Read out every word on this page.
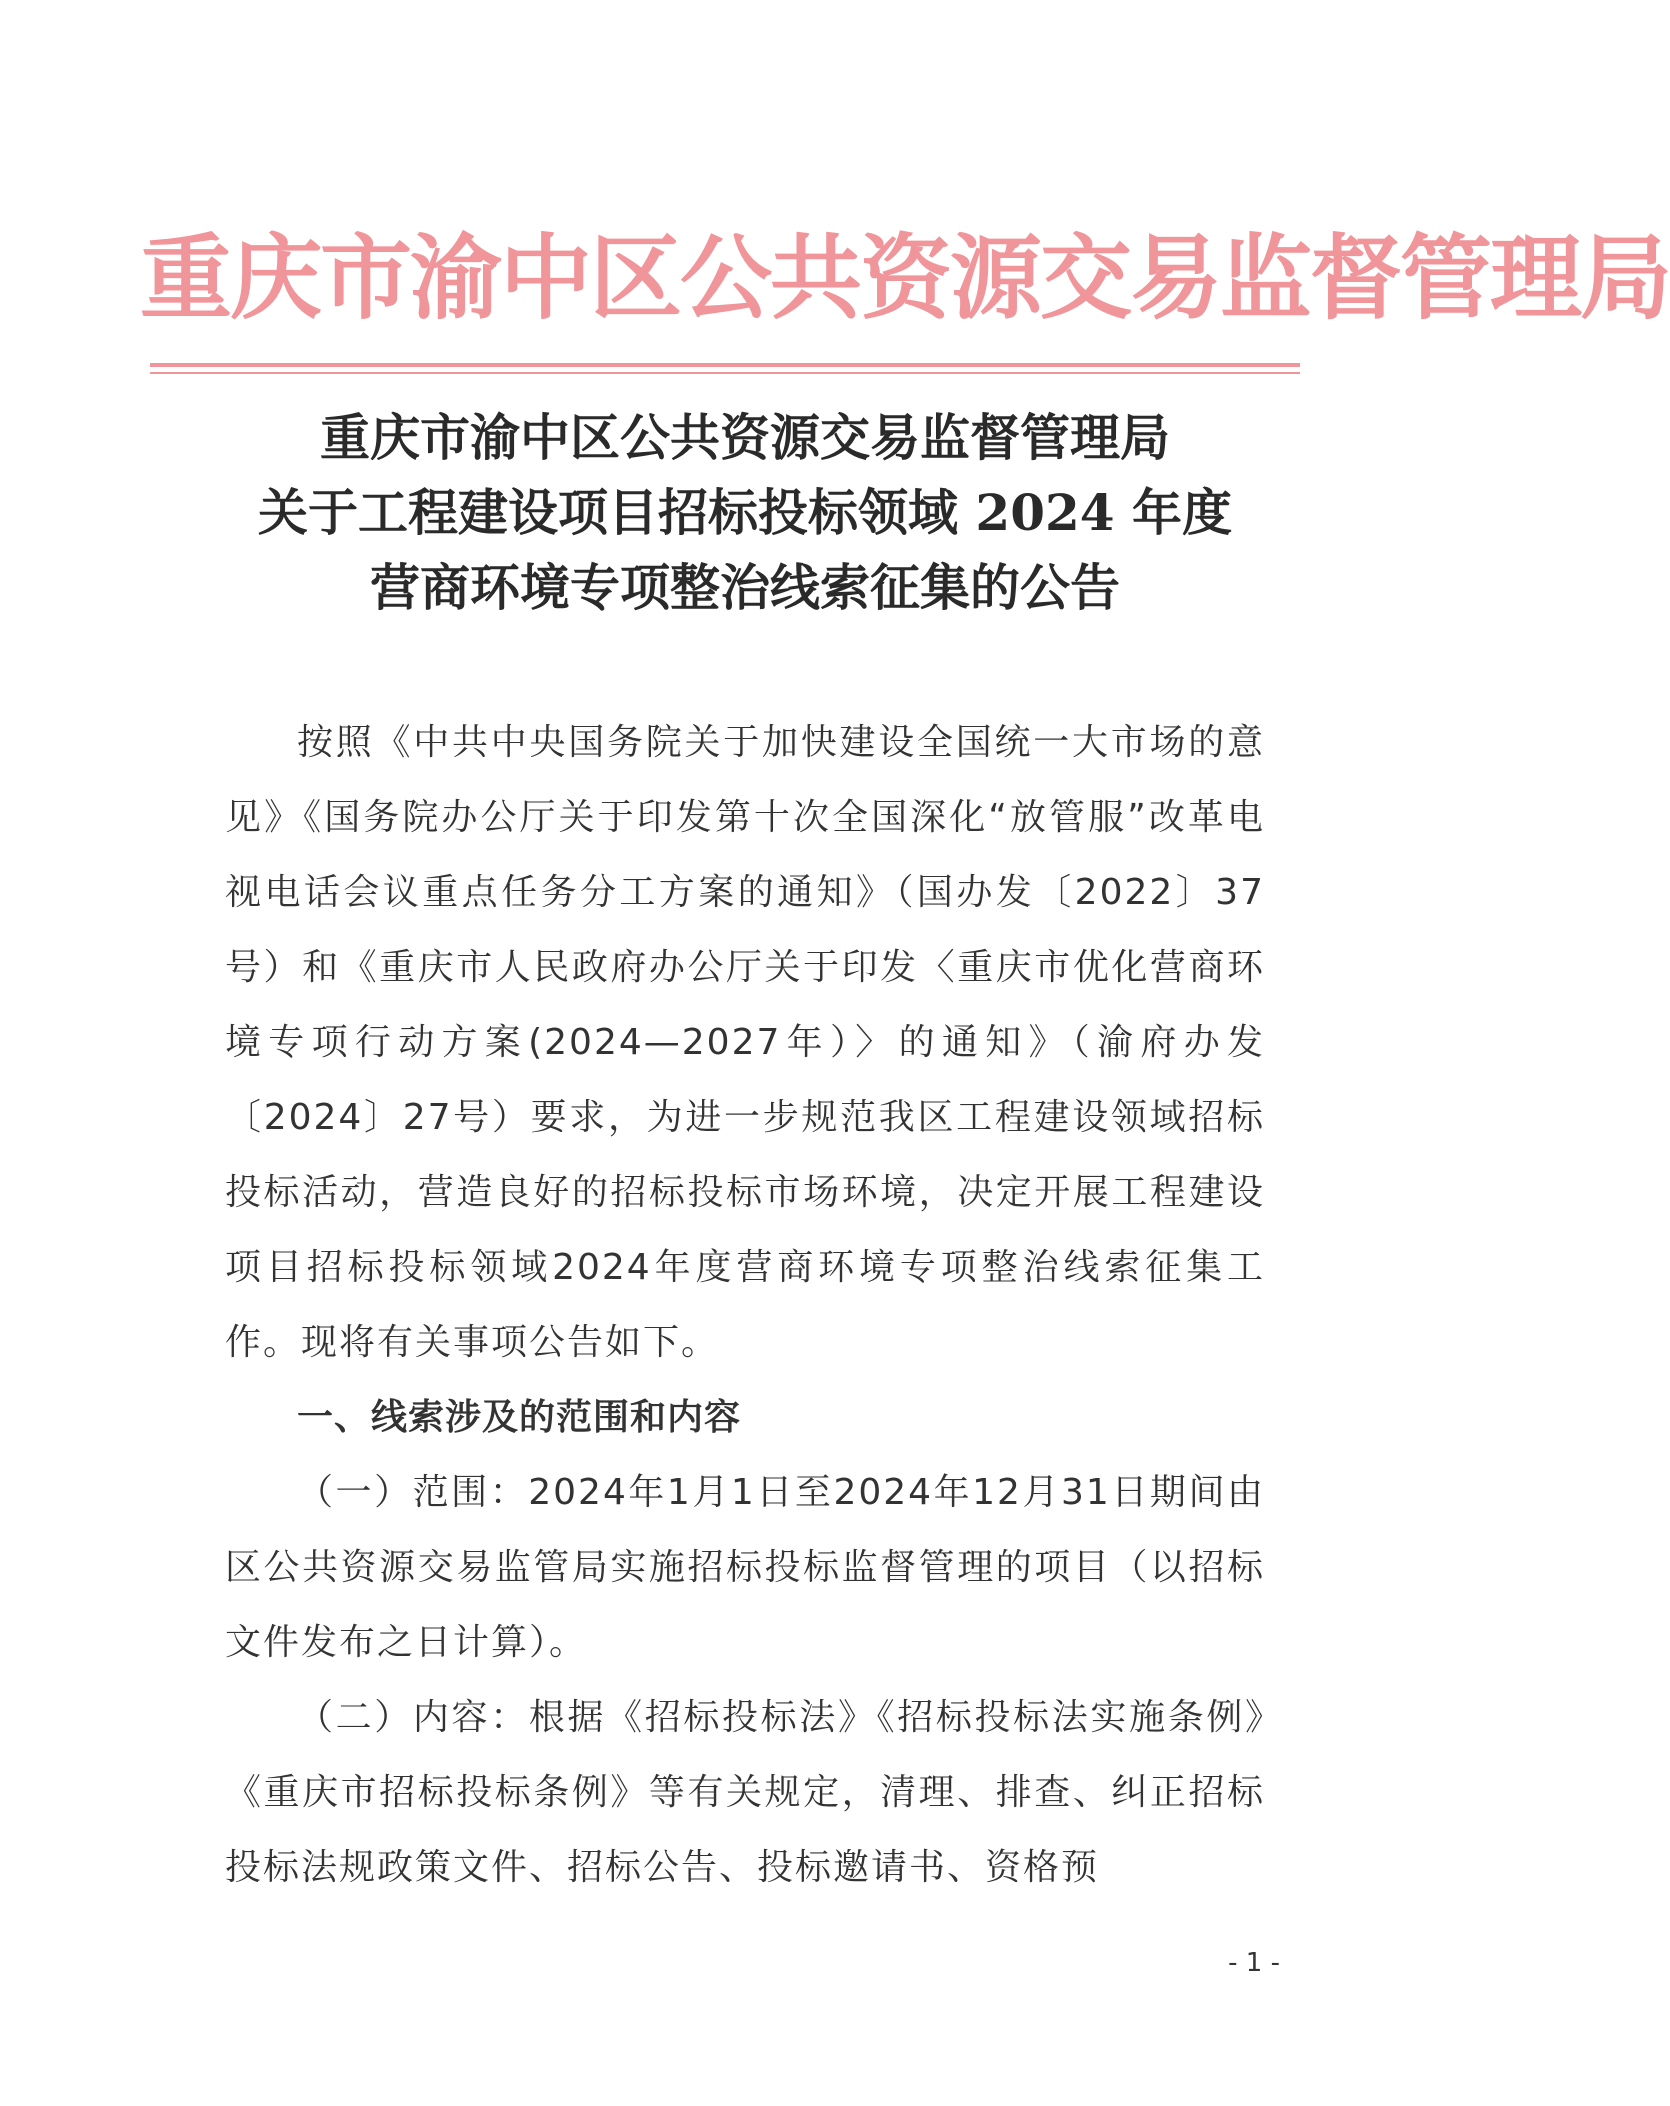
重庆市渝中区公共资源交易监督管理局
重庆市渝中区公共资源交易监督管理局
关于工程建设项目招标投标领域 2024 年度
营商环境专项整治线索征集的公告

按照《中共中央国务院关于加快建设全国统一大市场的意见》《国务院办公厅关于印发第十次全国深化“放管服”改革电视电话会议重点任务分工方案的通知》（国办发〔2022〕37号）和《重庆市人民政府办公厅关于印发〈重庆市优化营商环境专项行动方案(2024—2027年）〉的通知》（渝府办发〔2024〕27号）要求，为进一步规范我区工程建设领域招标投标活动，营造良好的招标投标市场环境，决定开展工程建设项目招标投标领域2024年度营商环境专项整治线索征集工作。现将有关事项公告如下。

一、线索涉及的范围和内容

（一）范围：2024年1月1日至2024年12月31日期间由区公共资源交易监管局实施招标投标监督管理的项目（以招标文件发布之日计算）。

（二）内容：根据《招标投标法》《招标投标法实施条例》《重庆市招标投标条例》等有关规定，清理、排查、纠正招标投标法规政策文件、招标公告、投标邀请书、资格预

- 1 -
